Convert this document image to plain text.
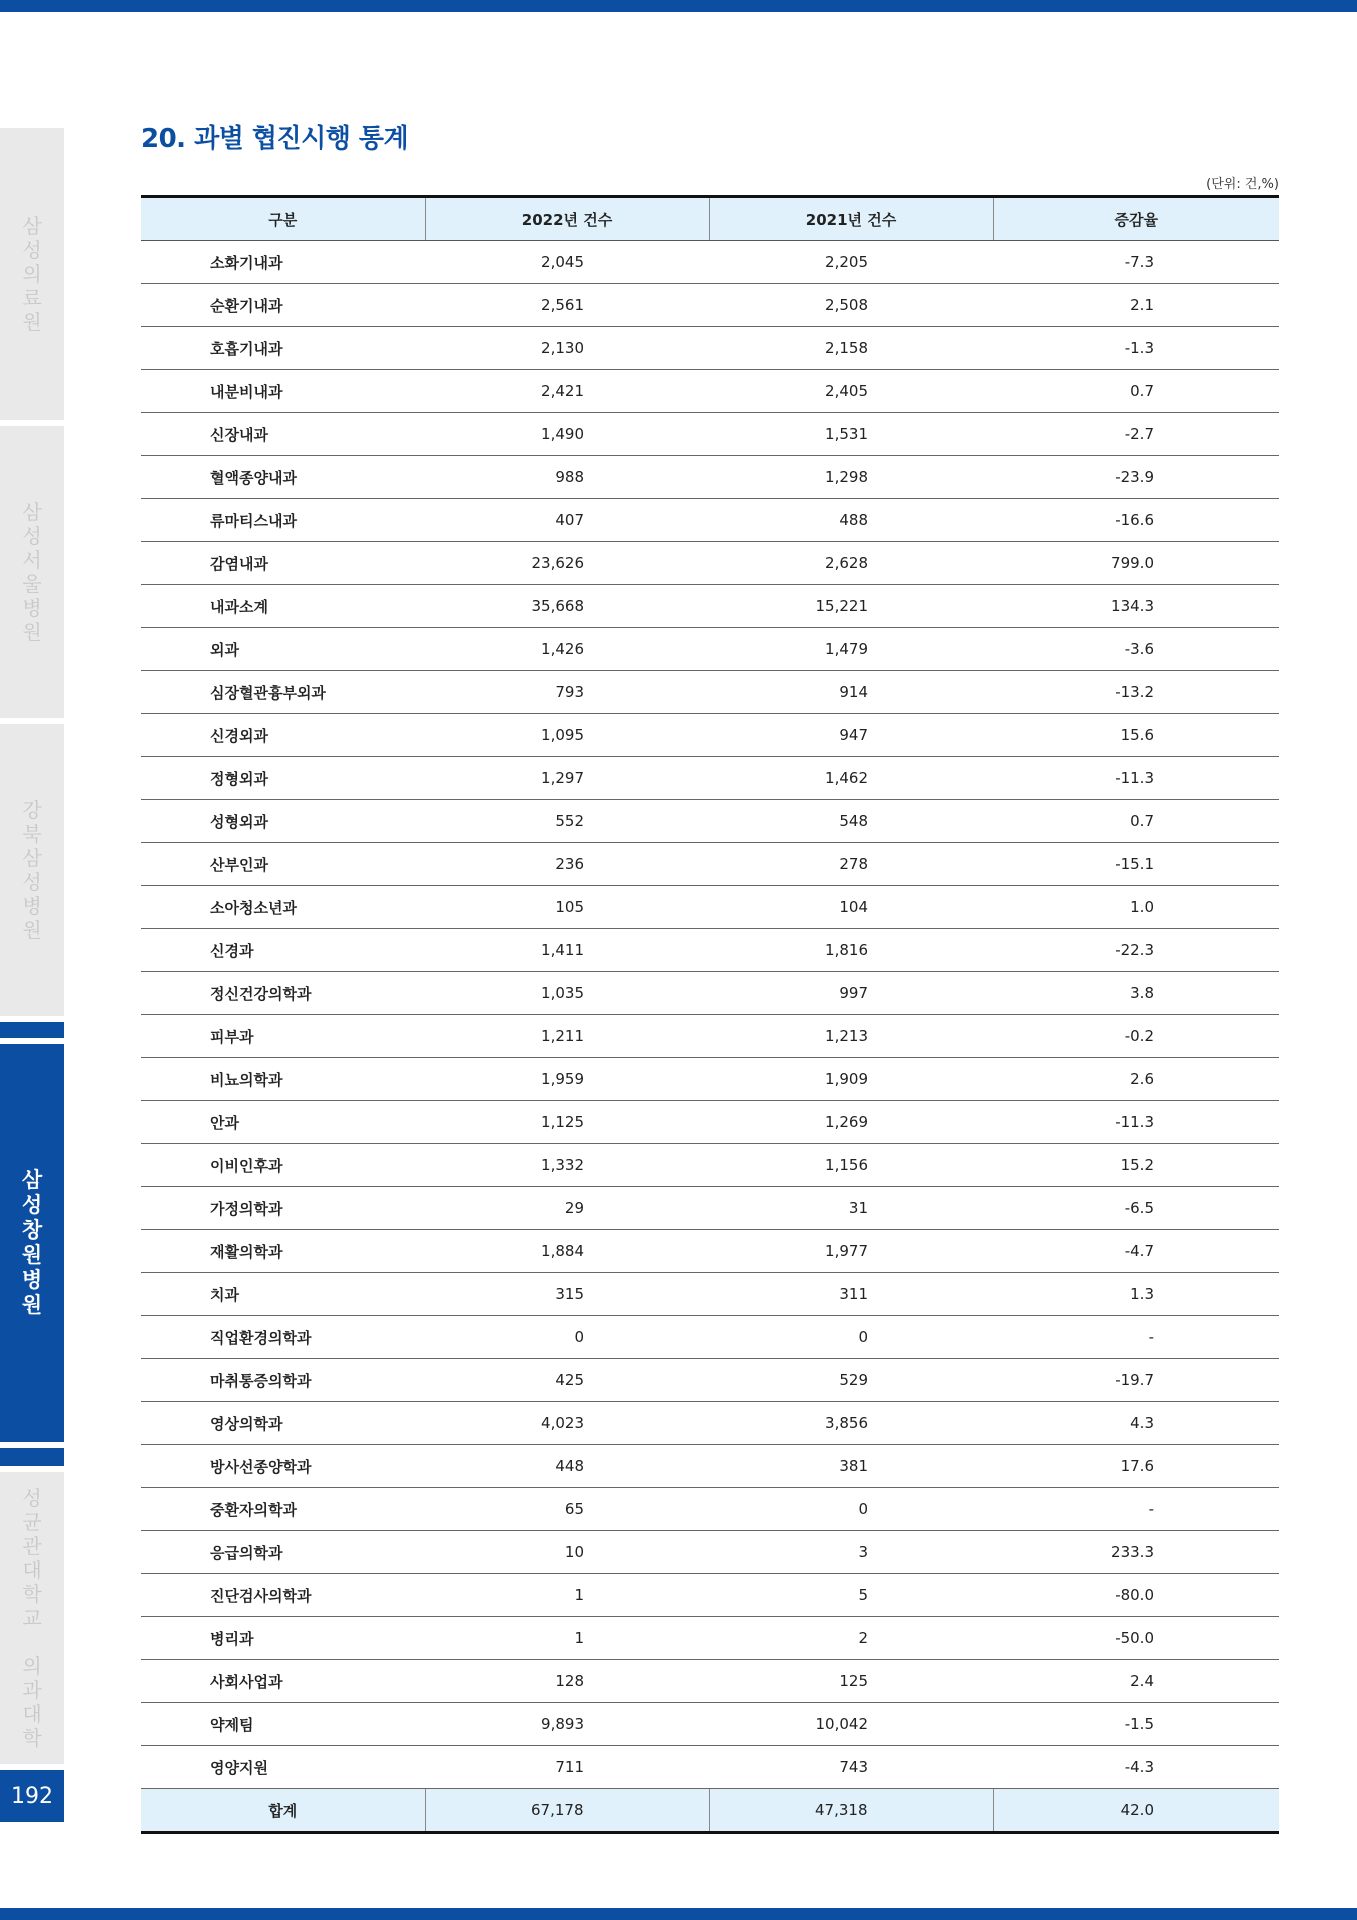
삼
성
의
료
원
삼
성
서
울
병
원
강
북
삼
성
병
원
삼
성
창
원
병
원
성
균
관
대
학
교

의
과
대
학
192
20. 과별 협진시행 통계
(단위: 건,%)
구분	2022년 건수	2021년 건수	증감율
소화기내과	2,045	2,205	-7.3
순환기내과	2,561	2,508	2.1
호흡기내과	2,130	2,158	-1.3
내분비내과	2,421	2,405	0.7
신장내과	1,490	1,531	-2.7
혈액종양내과	988	1,298	-23.9
류마티스내과	407	488	-16.6
감염내과	23,626	2,628	799.0
내과소계	35,668	15,221	134.3
외과	1,426	1,479	-3.6
심장혈관흉부외과	793	914	-13.2
신경외과	1,095	947	15.6
정형외과	1,297	1,462	-11.3
성형외과	552	548	0.7
산부인과	236	278	-15.1
소아청소년과	105	104	1.0
신경과	1,411	1,816	-22.3
정신건강의학과	1,035	997	3.8
피부과	1,211	1,213	-0.2
비뇨의학과	1,959	1,909	2.6
안과	1,125	1,269	-11.3
이비인후과	1,332	1,156	15.2
가정의학과	29	31	-6.5
재활의학과	1,884	1,977	-4.7
치과	315	311	1.3
직업환경의학과	0	0	-
마취통증의학과	425	529	-19.7
영상의학과	4,023	3,856	4.3
방사선종양학과	448	381	17.6
중환자의학과	65	0	-
응급의학과	10	3	233.3
진단검사의학과	1	5	-80.0
병리과	1	2	-50.0
사회사업과	128	125	2.4
약제팀	9,893	10,042	-1.5
영양지원	711	743	-4.3
합계	67,178	47,318	42.0
